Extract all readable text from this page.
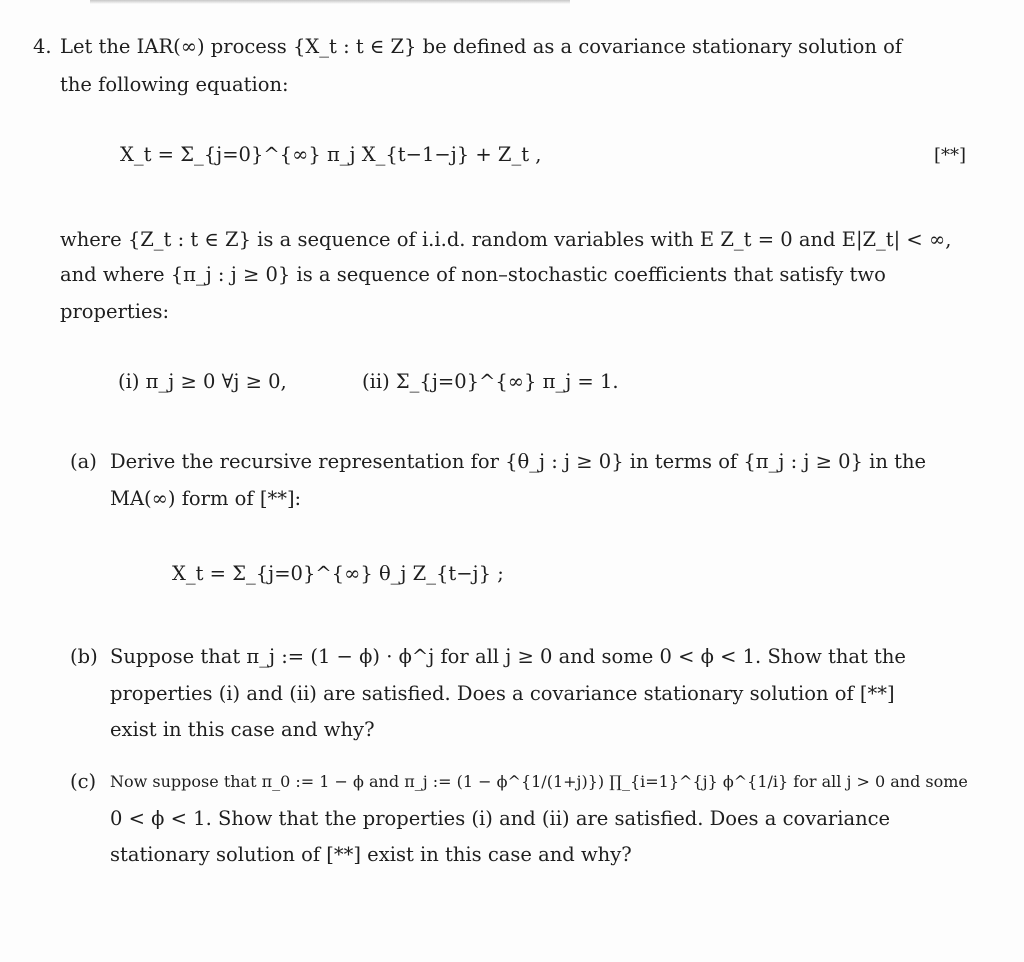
4. Let the IAR(∞) process {X_t : t ∈ Z} be defined as a covariance stationary solution of
the following equation:
X_t = Σ_{j=0}^{∞} π_j X_{t−1−j} + Z_t ,	[**]
where {Z_t : t ∈ Z} is a sequence of i.i.d. random variables with E Z_t = 0 and E|Z_t| < ∞,
and where {π_j : j ≥ 0} is a sequence of non–stochastic coefficients that satisfy two
properties:
(i) π_j ≥ 0 ∀j ≥ 0,	(ii) Σ_{j=0}^{∞} π_j = 1.
(a) Derive the recursive representation for {θ_j : j ≥ 0} in terms of {π_j : j ≥ 0} in the
MA(∞) form of [**]:
X_t = Σ_{j=0}^{∞} θ_j Z_{t−j} ;
(b) Suppose that π_j := (1 − ϕ) · ϕ^j for all j ≥ 0 and some 0 < ϕ < 1. Show that the
properties (i) and (ii) are satisfied. Does a covariance stationary solution of [**]
exist in this case and why?
(c) Now suppose that π_0 := 1 − ϕ and π_j := (1 − ϕ^{1/(1+j)}) ∏_{i=1}^{j} ϕ^{1/i} for all j > 0 and some
0 < ϕ < 1. Show that the properties (i) and (ii) are satisfied. Does a covariance
stationary solution of [**] exist in this case and why?
